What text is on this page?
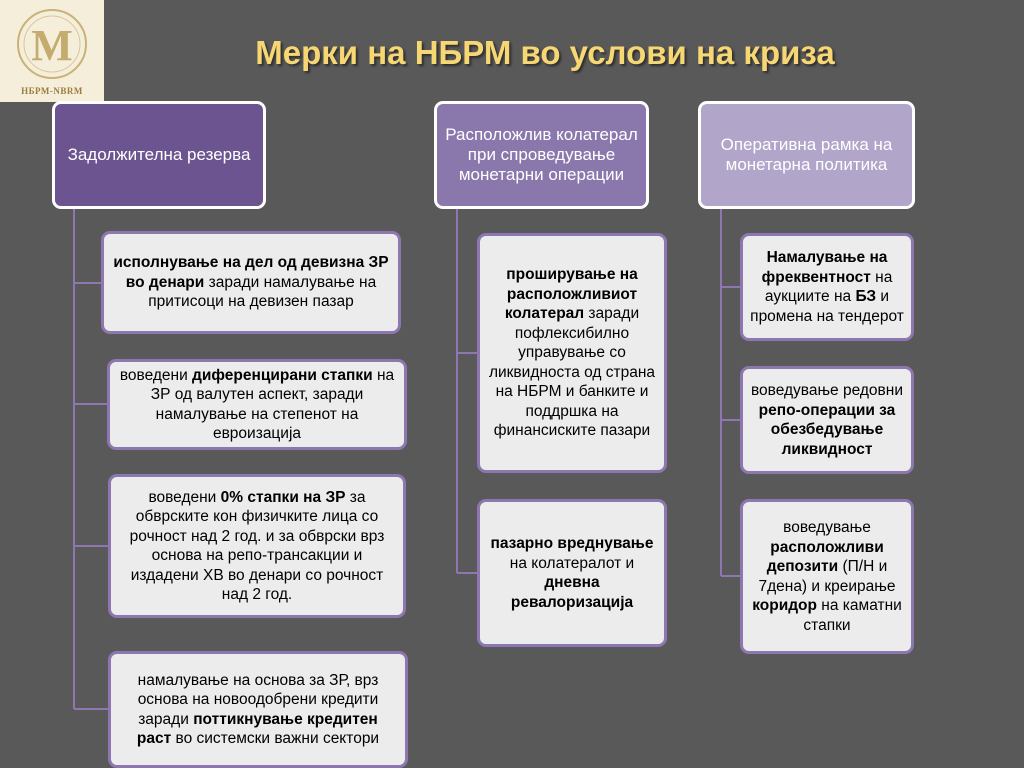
M
НБРМ-NBRM
Мерки на НБРМ во услови на криза
Задолжителна резерва
Расположлив колатерал при спроведување монетарни операции
Оперативна рамка на монетарна политика

исполнување на дел од девизна ЗР во денари заради намалување на притисоци на девизен пазар

воведени диференцирани стапки на ЗР од валутен аспект, заради намалување на степенот на евроизација

воведени 0% стапки на ЗР за обврските кон физичките лица со рочност над 2 год. и за обврски врз основа на репо-трансакции и издадени ХВ во денари со рочност над 2 год.

намалување на основа за ЗР, врз основа на новоодобрени кредити заради поттикнување кредитен раст во системски важни сектори

проширување на расположливиот колатерал заради пофлексибилно управување со ликвидноста од страна на НБРМ и банките и поддршка на финансиските пазари

пазарно вреднување на колатералот и дневна ревалоризација

Намалување на фреквентност на аукциите на БЗ и промена на тендерот

воведување редовни репо-операции за обезбедување ликвидност

воведување расположливи депозити (П/Н и 7дена) и креирање коридор на каматни стапки
